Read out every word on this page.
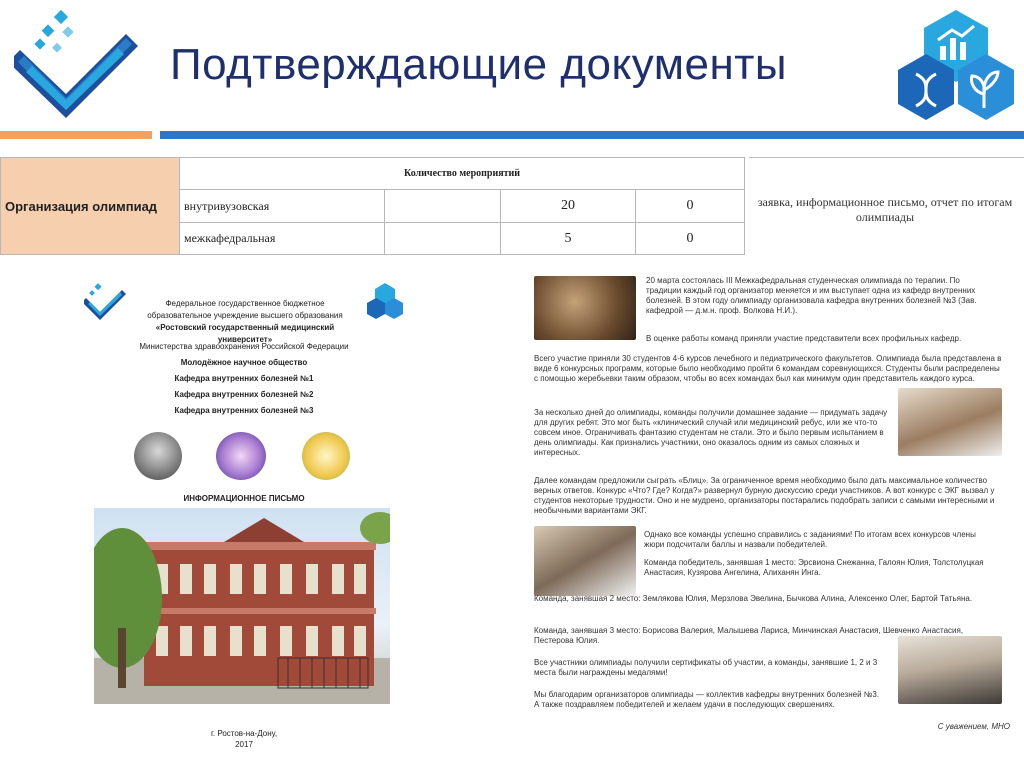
Подтверждающие документы
Организация олимпиад	Количество мероприятий			
	внутривузовская		20	0
	межкафедральная		5	0
заявка, информационное письмо, отчет по итогам олимпиады
Федеральное государственное бюджетное
образовательное учреждение высшего образования
«Ростовский государственный медицинский университет»
Министерства здравоохранения Российской Федерации
Молодёжное научное общество
Кафедра внутренних болезней №1
Кафедра внутренних болезней №2
Кафедра внутренних болезней №3
ИНФОРМАЦИОННОЕ ПИСЬМО
г. Ростов-на-Дону,
2017
20 марта состоялась III Межкафедральная студенческая олимпиада по терапии. По традиции каждый год организатор меняется и им выступает одна из кафедр внутренних болезней. В этом году олимпиаду организовала кафедра внутренних болезней №3 (Зав. кафедрой — д.м.н. проф. Волкова Н.И.).
В оценке работы команд приняли участие представители всех профильных кафедр.
Всего участие приняли 30 студентов 4-6 курсов лечебного и педиатрического факультетов. Олимпиада была представлена в виде 6 конкурсных программ, которые было необходимо пройти 6 командам соревнующихся. Студенты были распределены с помощью жеребьевки таким образом, чтобы во всех командах был как минимум один представитель каждого курса.
За несколько дней до олимпиады, команды получили домашнее задание — придумать задачу для других ребят. Это мог быть «клинический случай или медицинский ребус, или же что-то совсем иное. Ограничивать фантазию студентам не стали. Это и было первым испытанием в день олимпиады. Как признались участники, оно оказалось одним из самых сложных и интересных.
Далее командам предложили сыграть «Блиц». За ограниченное время необходимо было дать максимальное количество верных ответов. Конкурс «Что? Где? Когда?» развернул бурную дискуссию среди участников. А вот конкурс с ЭКГ вызвал у студентов некоторые трудности. Оно и не мудрено, организаторы постарались подобрать записи с самыми интересными и необычными вариантами ЭКГ.
Однако все команды успешно справились с заданиями! По итогам всех конкурсов члены жюри подсчитали баллы и назвали победителей.
Команда победитель, занявшая 1 место: Эрсвиона Снежанна, Галоян Юлия, Толстолуцкая Анастасия, Кузярова Ангелина, Алиханян Инга.
Команда, занявшая 2 место: Землякова Юлия, Мерзлова Эвелина, Бычкова Алина, Алексенко Олег, Бартой Татьяна.
Команда, занявшая 3 место: Борисова Валерия, Малышева Лариса, Минчинская Анастасия, Шевченко Анастасия, Пестерова Юлия.
Все участники олимпиады получили сертификаты об участии, а команды, занявшие 1, 2 и 3 места были награждены медалями!
Мы благодарим организаторов олимпиады — коллектив кафедры внутренних болезней №3. А также поздравляем победителей и желаем удачи в последующих свершениях.
С уважением, МНО
